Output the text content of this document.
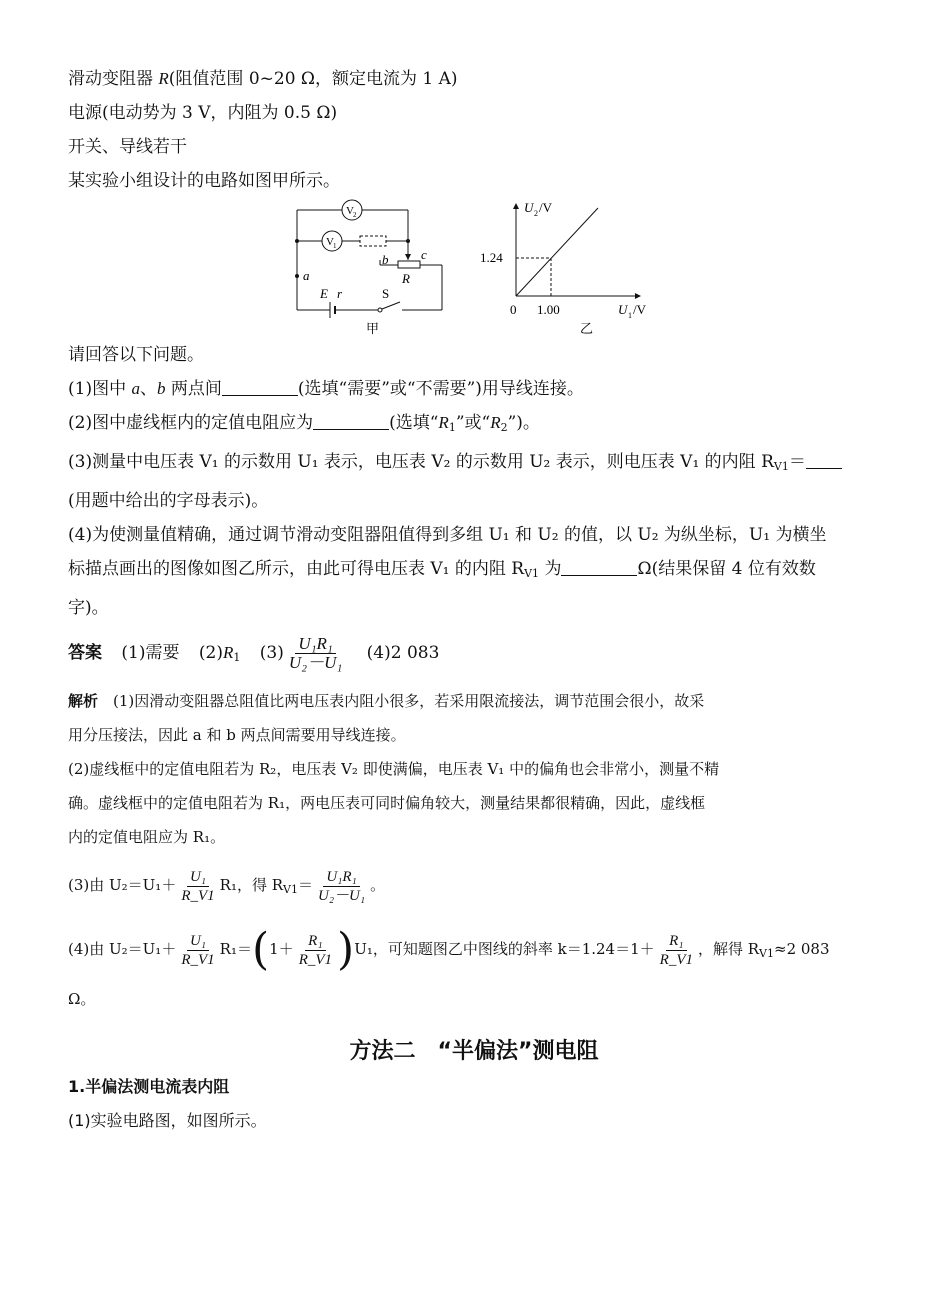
滑动变阻器 R(阻值范围 0~20 Ω，额定电流为 1 A)
电源(电动势为 3 V，内阻为 0.5 Ω)
开关、导线若干
某实验小组设计的电路如图甲所示。
V 2
V 1
b	c
R
a
E r	S
甲
U 2 /V
U 1 /V
0
1.24
1.00
乙
请回答以下问题。
(1)图中 a、b 两点间	(选填“需要”或“不需要”)用导线连接。
(2)图中虚线框内的定值电阻应为	(选填“$R_1$”或“$R_2$”)。
(3)测量中电压表 V₁ 的示数用 U₁ 表示，电压表 V₂ 的示数用 U₂ 表示，则电压表 V₁ 的内阻 $R_{V1}=$
(用题中给出的字母表示)。
(4)为使测量值精确，通过调节滑动变阻器阻值得到多组 U₁ 和 U₂ 的值，以 U₂ 为纵坐标，U₁ 为横坐
标描点画出的图像如图乙所示，由此可得电压表 V₁ 的内阻 $R_{V1}$ 为	Ω(结果保留 4 位有效数
字)。
答案 (1)需要 $(2)R_1$ $(3) \frac{\text{U₁R₁}}{\text{U₂－U₁}} (4)2$ 083
解析　 (1)因滑动变阻器总阻值比两电压表内阻小很多，若采用限流接法，调节范围会很小，故采
用分压接法，因此 a 和 b 两点间需要用导线连接。
(2)虚线框中的定值电阻若为 R₂，电压表 V₂ 即使满偏，电压表 V₁ 中的偏角也会非常小，测量不精
确。虚线框中的定值电阻若为 R₁，两电压表可同时偏角较大，测量结果都很精确，因此，虚线框
内的定值电阻应为 R₁。
(3)由 $U_2=U_1+ \frac{\text{U₁}}{R\_V1} R_1$，得 $R_{V1}= \frac{\text{U₁R₁}}{\text{U₂－U₁}}$ 。
(4)由 $U_2=U_1+ \frac{\text{U₁}}{R\_V1} R_1=(1+ \frac{\text{R₁}}{R\_V1} )U_1$，可知题图乙中图线的斜率 $k=1.24=1+ \frac{\text{R₁}}{R\_V1}$ ，解得 $R_{V1}\approx 2$ 083
Ω。
方法二　“半偏法”测电阻
1.半偏法测电流表内阻
(1)实验电路图，如图所示。
